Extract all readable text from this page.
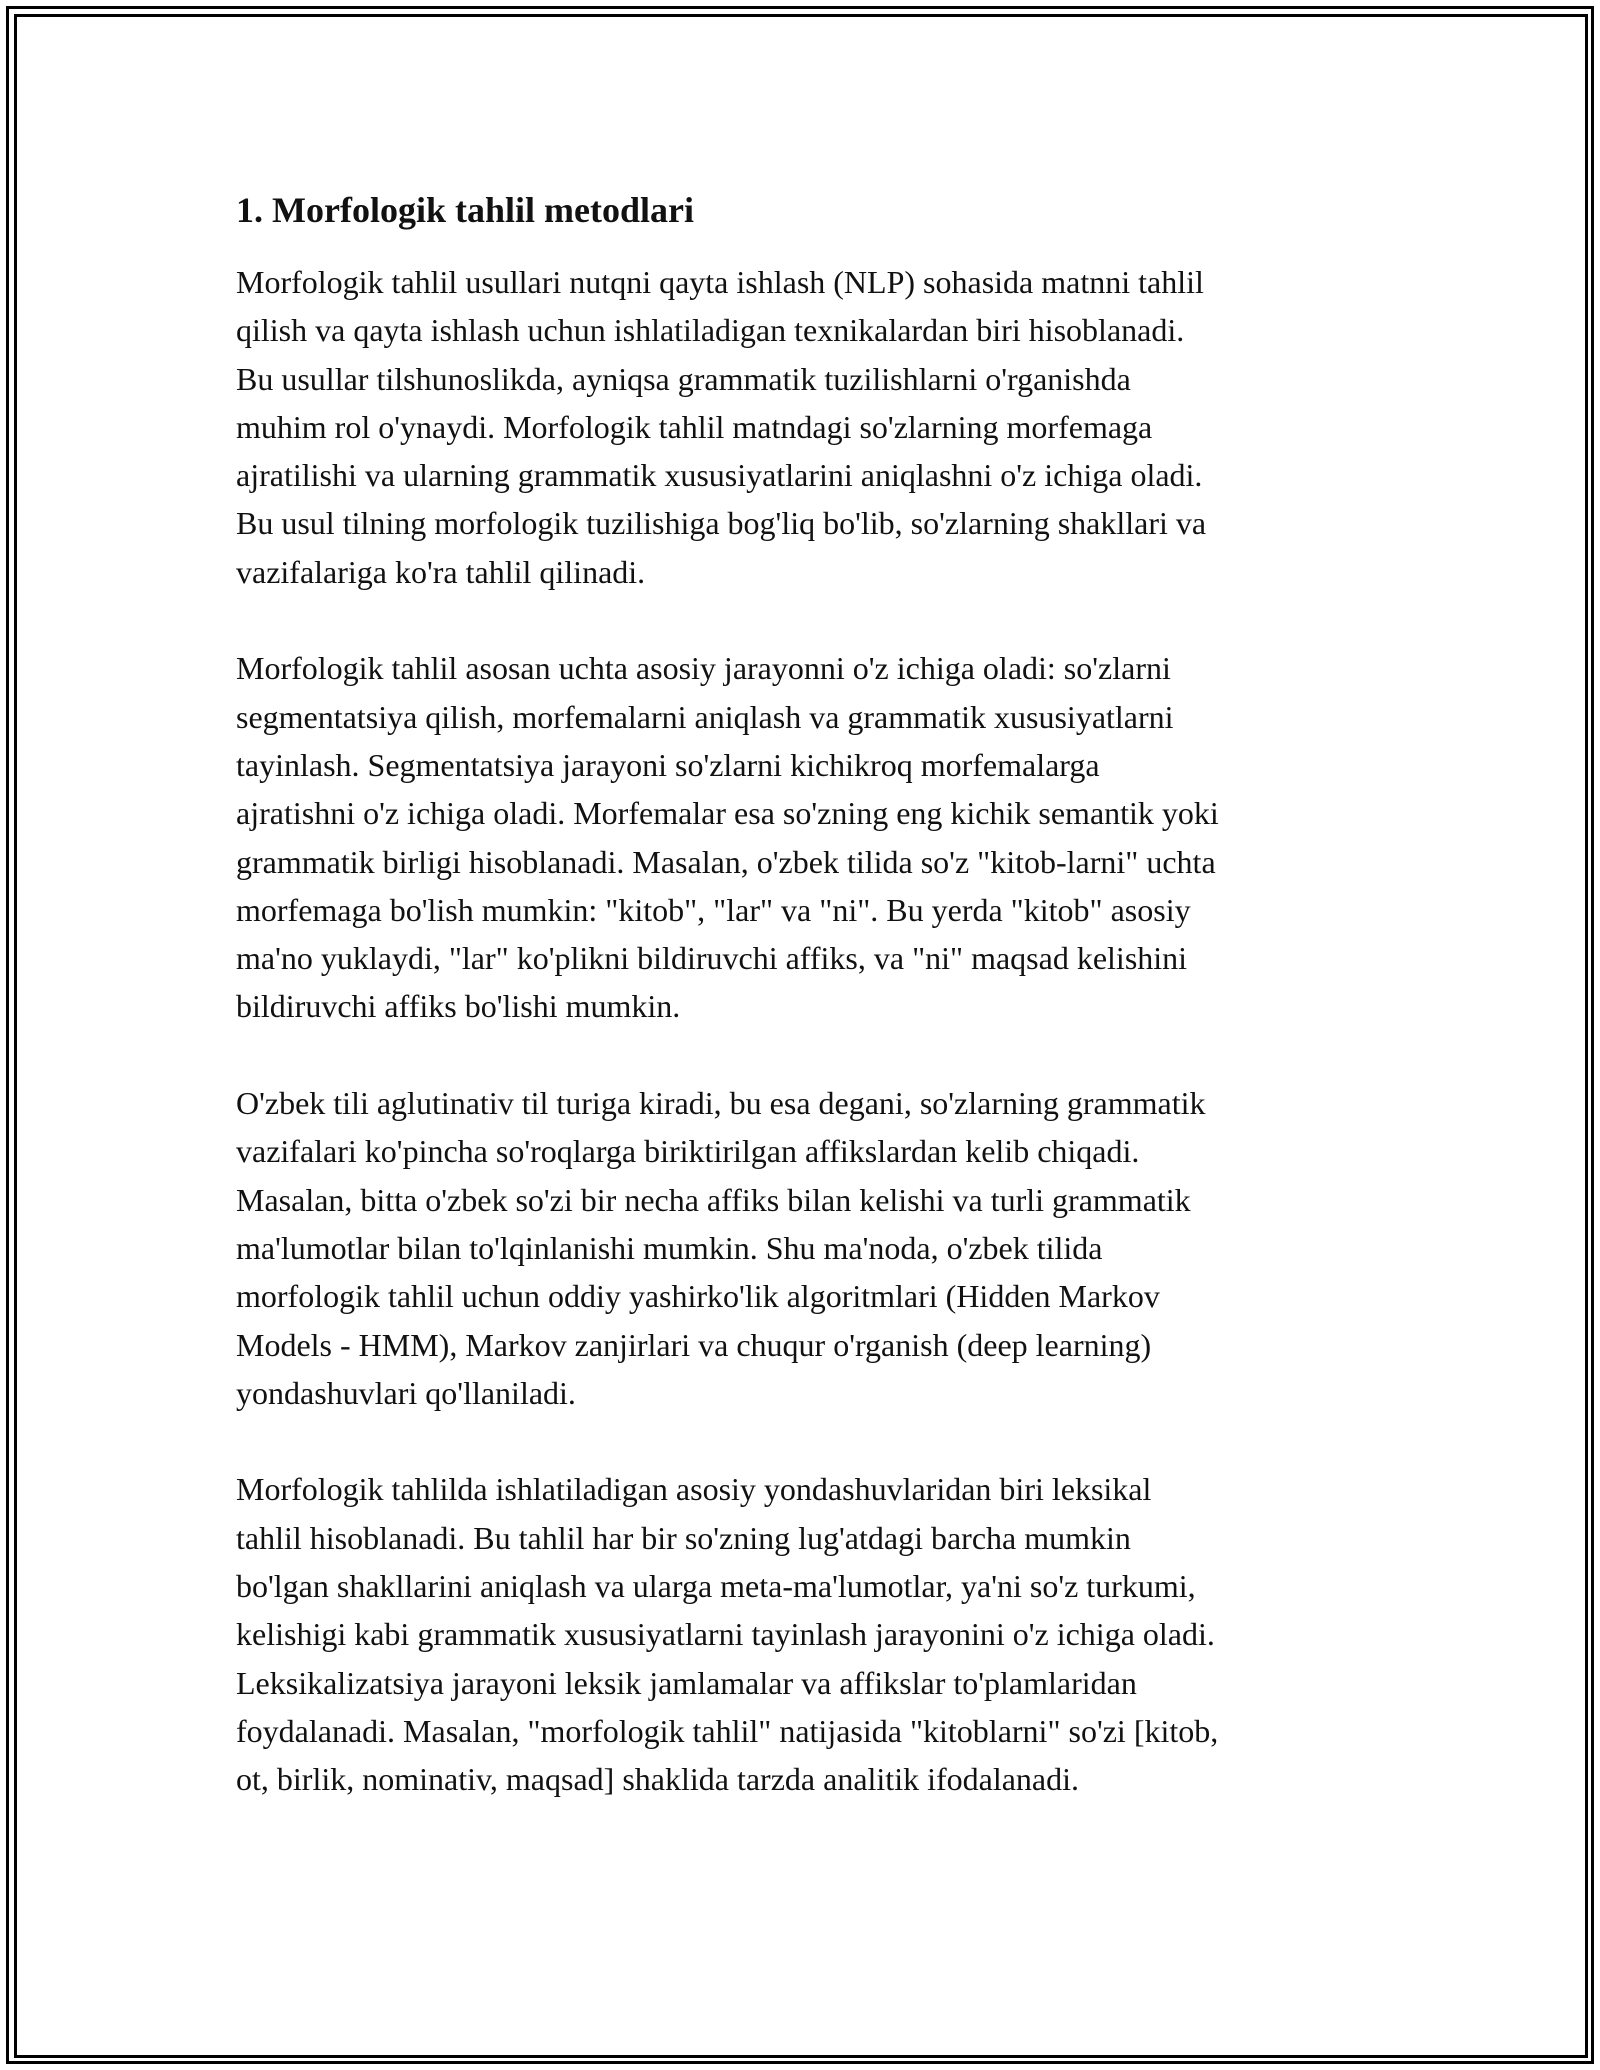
1. Morfologik tahlil metodlari
Morfologik tahlil usullari nutqni qayta ishlash (NLP) sohasida matnni tahlil
qilish va qayta ishlash uchun ishlatiladigan texnikalardan biri hisoblanadi.
Bu usullar tilshunoslikda, ayniqsa grammatik tuzilishlarni o'rganishda
muhim rol o'ynaydi. Morfologik tahlil matndagi so'zlarning morfemaga
ajratilishi va ularning grammatik xususiyatlarini aniqlashni o'z ichiga oladi.
Bu usul tilning morfologik tuzilishiga bog'liq bo'lib, so'zlarning shakllari va
vazifalariga ko'ra tahlil qilinadi.
Morfologik tahlil asosan uchta asosiy jarayonni o'z ichiga oladi: so'zlarni
segmentatsiya qilish, morfemalarni aniqlash va grammatik xususiyatlarni
tayinlash. Segmentatsiya jarayoni so'zlarni kichikroq morfemalarga
ajratishni o'z ichiga oladi. Morfemalar esa so'zning eng kichik semantik yoki
grammatik birligi hisoblanadi. Masalan, o'zbek tilida so'z "kitob-larni" uchta
morfemaga bo'lish mumkin: "kitob", "lar" va "ni". Bu yerda "kitob" asosiy
ma'no yuklaydi, "lar" ko'plikni bildiruvchi affiks, va "ni" maqsad kelishini
bildiruvchi affiks bo'lishi mumkin.
O'zbek tili aglutinativ til turiga kiradi, bu esa degani, so'zlarning grammatik
vazifalari ko'pincha so'roqlarga biriktirilgan affikslardan kelib chiqadi.
Masalan, bitta o'zbek so'zi bir necha affiks bilan kelishi va turli grammatik
ma'lumotlar bilan to'lqinlanishi mumkin. Shu ma'noda, o'zbek tilida
morfologik tahlil uchun oddiy yashirko'lik algoritmlari (Hidden Markov
Models - HMM), Markov zanjirlari va chuqur o'rganish (deep learning)
yondashuvlari qo'llaniladi.
Morfologik tahlilda ishlatiladigan asosiy yondashuvlaridan biri leksikal
tahlil hisoblanadi. Bu tahlil har bir so'zning lug'atdagi barcha mumkin
bo'lgan shakllarini aniqlash va ularga meta-ma'lumotlar, ya'ni so'z turkumi,
kelishigi kabi grammatik xususiyatlarni tayinlash jarayonini o'z ichiga oladi.
Leksikalizatsiya jarayoni leksik jamlamalar va affikslar to'plamlaridan
foydalanadi. Masalan, "morfologik tahlil" natijasida "kitoblarni" so'zi [kitob,
ot, birlik, nominativ, maqsad] shaklida tarzda analitik ifodalanadi.
